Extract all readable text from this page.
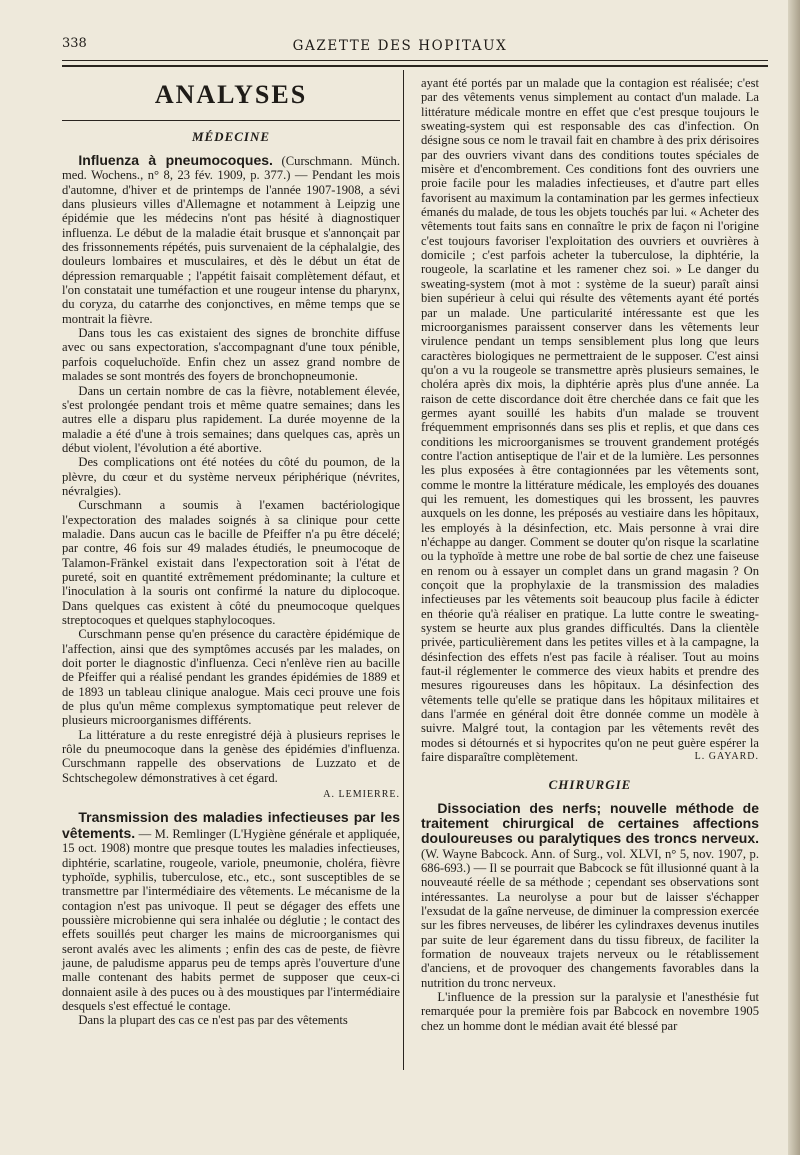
338	GAZETTE DES HOPITAUX
ANALYSES
MÉDECINE

Influenza à pneumocoques. (Curschmann. Münch. med. Wochens., n° 8, 23 fév. 1909, p. 377.) — Pendant les mois d'automne, d'hiver et de printemps de l'année 1907-1908, a sévi dans plusieurs villes d'Allemagne et notamment à Leipzig une épidémie que les médecins n'ont pas hésité à diagnostiquer influenza. Le début de la maladie était brusque et s'annonçait par des frissonnements répétés, puis survenaient de la céphalalgie, des douleurs lombaires et musculaires, et dès le début un état de dépression remarquable ; l'appétit faisait complètement défaut, et l'on constatait une tuméfaction et une rougeur intense du pharynx, du coryza, du catarrhe des conjonctives, en même temps que se montrait la fièvre.

Dans tous les cas existaient des signes de bronchite diffuse avec ou sans expectoration, s'accompagnant d'une toux pénible, parfois coqueluchoïde. Enfin chez un assez grand nombre de malades se sont montrés des foyers de bronchopneumonie.

Dans un certain nombre de cas la fièvre, notablement élevée, s'est prolongée pendant trois et même quatre semaines; dans les autres elle a disparu plus rapidement. La durée moyenne de la maladie a été d'une à trois semaines; dans quelques cas, après un début violent, l'évolution a été abortive.

Des complications ont été notées du côté du poumon, de la plèvre, du cœur et du système nerveux périphérique (névrites, névralgies).

Curschmann a soumis à l'examen bactériologique l'expectoration des malades soignés à sa clinique pour cette maladie. Dans aucun cas le bacille de Pfeiffer n'a pu être décelé; par contre, 46 fois sur 49 malades étudiés, le pneumocoque de Talamon-Fränkel existait dans l'expectoration soit à l'état de pureté, soit en quantité extrêmement prédominante; la culture et l'inoculation à la souris ont confirmé la nature du diplocoque. Dans quelques cas existent à côté du pneumocoque quelques streptocoques et quelques staphylocoques.

Curschmann pense qu'en présence du caractère épidémique de l'affection, ainsi que des symptômes accusés par les malades, on doit porter le diagnostic d'influenza. Ceci n'enlève rien au bacille de Pfeiffer qui a réalisé pendant les grandes épidémies de 1889 et de 1893 un tableau clinique analogue. Mais ceci prouve une fois de plus qu'un même complexus symptomatique peut relever de plusieurs microorganismes différents.

La littérature a du reste enregistré déjà à plusieurs reprises le rôle du pneumocoque dans la genèse des épidémies d'influenza. Curschmann rappelle des observations de Luzzato et de Schtschegolew démonstratives à cet égard.

A. LEMIERRE.

Transmission des maladies infectieuses par les vêtements. — M. Remlinger (L'Hygiène générale et appliquée, 15 oct. 1908) montre que presque toutes les maladies infectieuses, diphtérie, scarlatine, rougeole, variole, pneumonie, choléra, fièvre typhoïde, syphilis, tuberculose, etc., etc., sont susceptibles de se transmettre par l'intermédiaire des vêtements. Le mécanisme de la contagion n'est pas univoque. Il peut se dégager des effets une poussière microbienne qui sera inhalée ou déglutie ; le contact des effets souillés peut charger les mains de microorganismes qui seront avalés avec les aliments ; enfin des cas de peste, de fièvre jaune, de paludisme apparus peu de temps après l'ouverture d'une malle contenant des habits permet de supposer que ceux-ci donnaient asile à des puces ou à des moustiques par l'intermédiaire desquels s'est effectué le contage.

Dans la plupart des cas ce n'est pas par des vêtements

ayant été portés par un malade que la contagion est réalisée; c'est par des vêtements venus simplement au contact d'un malade. La littérature médicale montre en effet que c'est presque toujours le sweating-system qui est responsable des cas d'infection. On désigne sous ce nom le travail fait en chambre à des prix dérisoires par des ouvriers vivant dans des conditions toutes spéciales de misère et d'encombrement. Ces conditions font des ouvriers une proie facile pour les maladies infectieuses, et d'autre part elles favorisent au maximum la contamination par les germes infectieux émanés du malade, de tous les objets touchés par lui. « Acheter des vêtements tout faits sans en connaître le prix de façon ni l'origine c'est toujours favoriser l'exploitation des ouvriers et ouvrières à domicile ; c'est parfois acheter la tuberculose, la diphtérie, la rougeole, la scarlatine et les ramener chez soi. » Le danger du sweating-system (mot à mot : système de la sueur) paraît ainsi bien supérieur à celui qui résulte des vêtements ayant été portés par un malade. Une particularité intéressante est que les microorganismes paraissent conserver dans les vêtements leur virulence pendant un temps sensiblement plus long que leurs caractères biologiques ne permettraient de le supposer. C'est ainsi qu'on a vu la rougeole se transmettre après plusieurs semaines, le choléra après dix mois, la diphtérie après plus d'une année. La raison de cette discordance doit être cherchée dans ce fait que les germes ayant souillé les habits d'un malade se trouvent fréquemment emprisonnés dans ses plis et replis, et que dans ces conditions les microorganismes se trouvent grandement protégés contre l'action antiseptique de l'air et de la lumière. Les personnes les plus exposées à être contagionnées par les vêtements sont, comme le montre la littérature médicale, les employés des douanes qui les remuent, les domestiques qui les brossent, les pauvres auxquels on les donne, les préposés au vestiaire dans les hôpitaux, les employés à la désinfection, etc. Mais personne à vrai dire n'échappe au danger. Comment se douter qu'on risque la scarlatine ou la typhoïde à mettre une robe de bal sortie de chez une faiseuse en renom ou à essayer un complet dans un grand magasin ? On conçoit que la prophylaxie de la transmission des maladies infectieuses par les vêtements soit beaucoup plus facile à édicter en théorie qu'à réaliser en pratique. La lutte contre le sweating-system se heurte aux plus grandes difficultés. Dans la clientèle privée, particulièrement dans les petites villes et à la campagne, la désinfection des effets n'est pas facile à réaliser. Tout au moins faut-il réglementer le commerce des vieux habits et prendre des mesures rigoureuses dans les hôpitaux. La désinfection des vêtements telle qu'elle se pratique dans les hôpitaux militaires et dans l'armée en général doit être donnée comme un modèle à suivre. Malgré tout, la contagion par les vêtements revêt des modes si détournés et si hypocrites qu'on ne peut guère espérer la faire disparaître complètement.	L. GAYARD.

CHIRURGIE

Dissociation des nerfs; nouvelle méthode de traitement chirurgical de certaines affections douloureuses ou paralytiques des troncs nerveux. (W. Wayne Babcock. Ann. of Surg., vol. XLVI, n° 5, nov. 1907, p. 686-693.) — Il se pourrait que Babcock se fût illusionné quant à la nouveauté réelle de sa méthode ; cependant ses observations sont intéressantes. La neurolyse a pour but de laisser s'échapper l'exsudat de la gaîne nerveuse, de diminuer la compression exercée sur les fibres nerveuses, de libérer les cylindraxes devenus inutiles par suite de leur égarement dans du tissu fibreux, de faciliter la formation de nouveaux trajets nerveux ou le rétablissement d'anciens, et de provoquer des changements favorables dans la nutrition du tronc nerveux.

L'influence de la pression sur la paralysie et l'anesthésie fut remarquée pour la première fois par Babcock en novembre 1905 chez un homme dont le médian avait été blessé par
